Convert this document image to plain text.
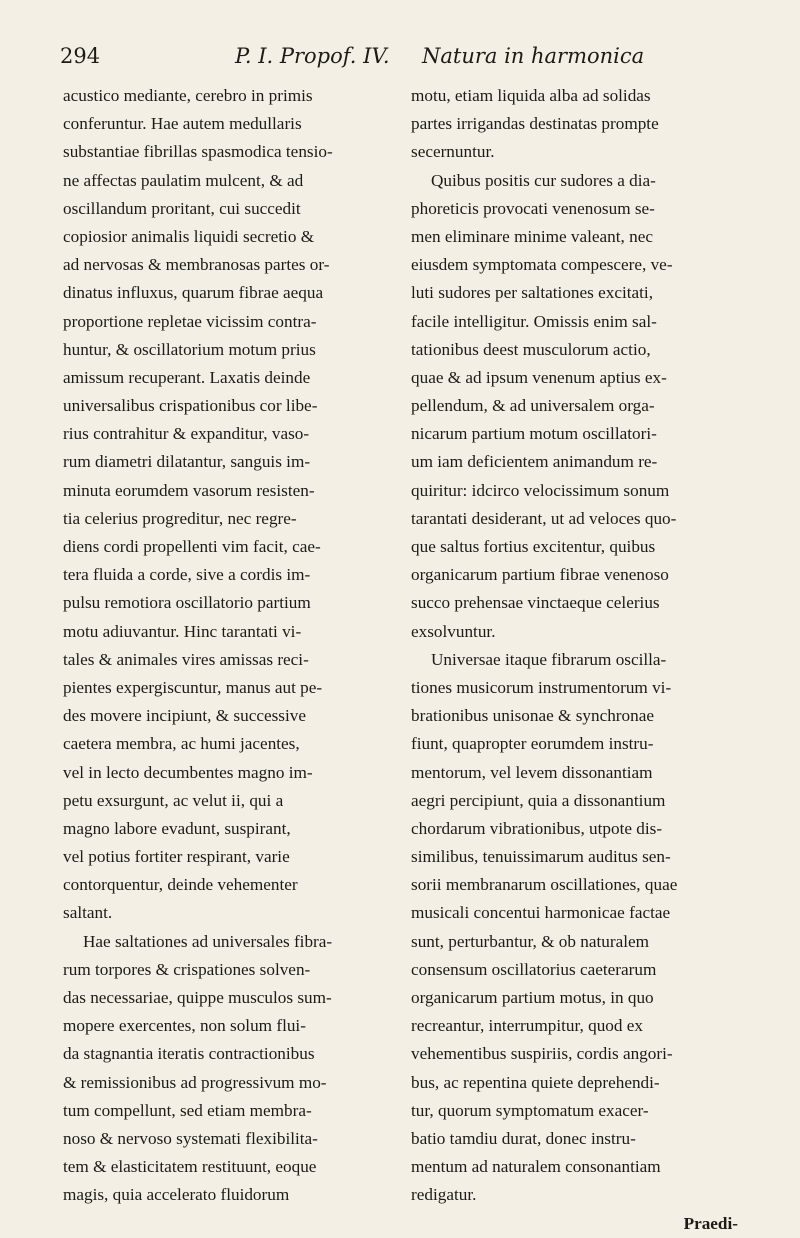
294	P. I. Propof. IV. Natura in harmonica
acustico mediante, cerebro in primis
conferuntur. Hae autem medullaris
substantiae fibrillas spasmodica tensio-
ne affectas paulatim mulcent, & ad
oscillandum proritant, cui succedit
copiosior animalis liquidi secretio &
ad nervosas & membranosas partes or-
dinatus influxus, quarum fibrae aequa
proportione repletae vicissim contra-
huntur, & oscillatorium motum prius
amissum recuperant. Laxatis deinde
universalibus crispationibus cor libe-
rius contrahitur & expanditur, vaso-
rum diametri dilatantur, sanguis im-
minuta eorumdem vasorum resisten-
tia celerius progreditur, nec regre-
diens cordi propellenti vim facit, cae-
tera fluida a corde, sive a cordis im-
pulsu remotiora oscillatorio partium
motu adiuvantur. Hinc tarantati vi-
tales & animales vires amissas reci-
pientes expergiscuntur, manus aut pe-
des movere incipiunt, & successive
caetera membra, ac humi jacentes,
vel in lecto decumbentes magno im-
petu exsurgunt, ac velut ii, qui a
magno labore evadunt, suspirant,
vel potius fortiter respirant, varie
contorquentur, deinde vehementer
saltant.
Hae saltationes ad universales fibra-
rum torpores & crispationes solven-
das necessariae, quippe musculos sum-
mopere exercentes, non solum flui-
da stagnantia iteratis contractionibus
& remissionibus ad progressivum mo-
tum compellunt, sed etiam membra-
noso & nervoso systemati flexibilita-
tem & elasticitatem restituunt, eoque
magis, quia accelerato fluidorum
motu, etiam liquida alba ad solidas
partes irrigandas destinatas prompte
secernuntur.
Quibus positis cur sudores a dia-
phoreticis provocati venenosum se-
men eliminare minime valeant, nec
eiusdem symptomata compescere, ve-
luti sudores per saltationes excitati,
facile intelligitur. Omissis enim sal-
tationibus deest musculorum actio,
quae & ad ipsum venenum aptius ex-
pellendum, & ad universalem orga-
nicarum partium motum oscillatori-
um iam deficientem animandum re-
quiritur: idcirco velocissimum sonum
tarantati desiderant, ut ad veloces quo-
que saltus fortius excitentur, quibus
organicarum partium fibrae venenoso
succo prehensae vinctaeque celerius
exsolvuntur.
Universae itaque fibrarum oscilla-
tiones musicorum instrumentorum vi-
brationibus unisonae & synchronae
fiunt, quapropter eorumdem instru-
mentorum, vel levem dissonantiam
aegri percipiunt, quia a dissonantium
chordarum vibrationibus, utpote dis-
similibus, tenuissimarum auditus sen-
sorii membranarum oscillationes, quae
musicali concentui harmonicae factae
sunt, perturbantur, & ob naturalem
consensum oscillatorius caeterarum
organicarum partium motus, in quo
recreantur, interrumpitur, quod ex
vehementibus suspiriis, cordis angori-
bus, ac repentina quiete deprehendi-
tur, quorum symptomatum exacer-
batio tamdiu durat, donec instru-
mentum ad naturalem consonantiam
redigatur.
Praedi-
